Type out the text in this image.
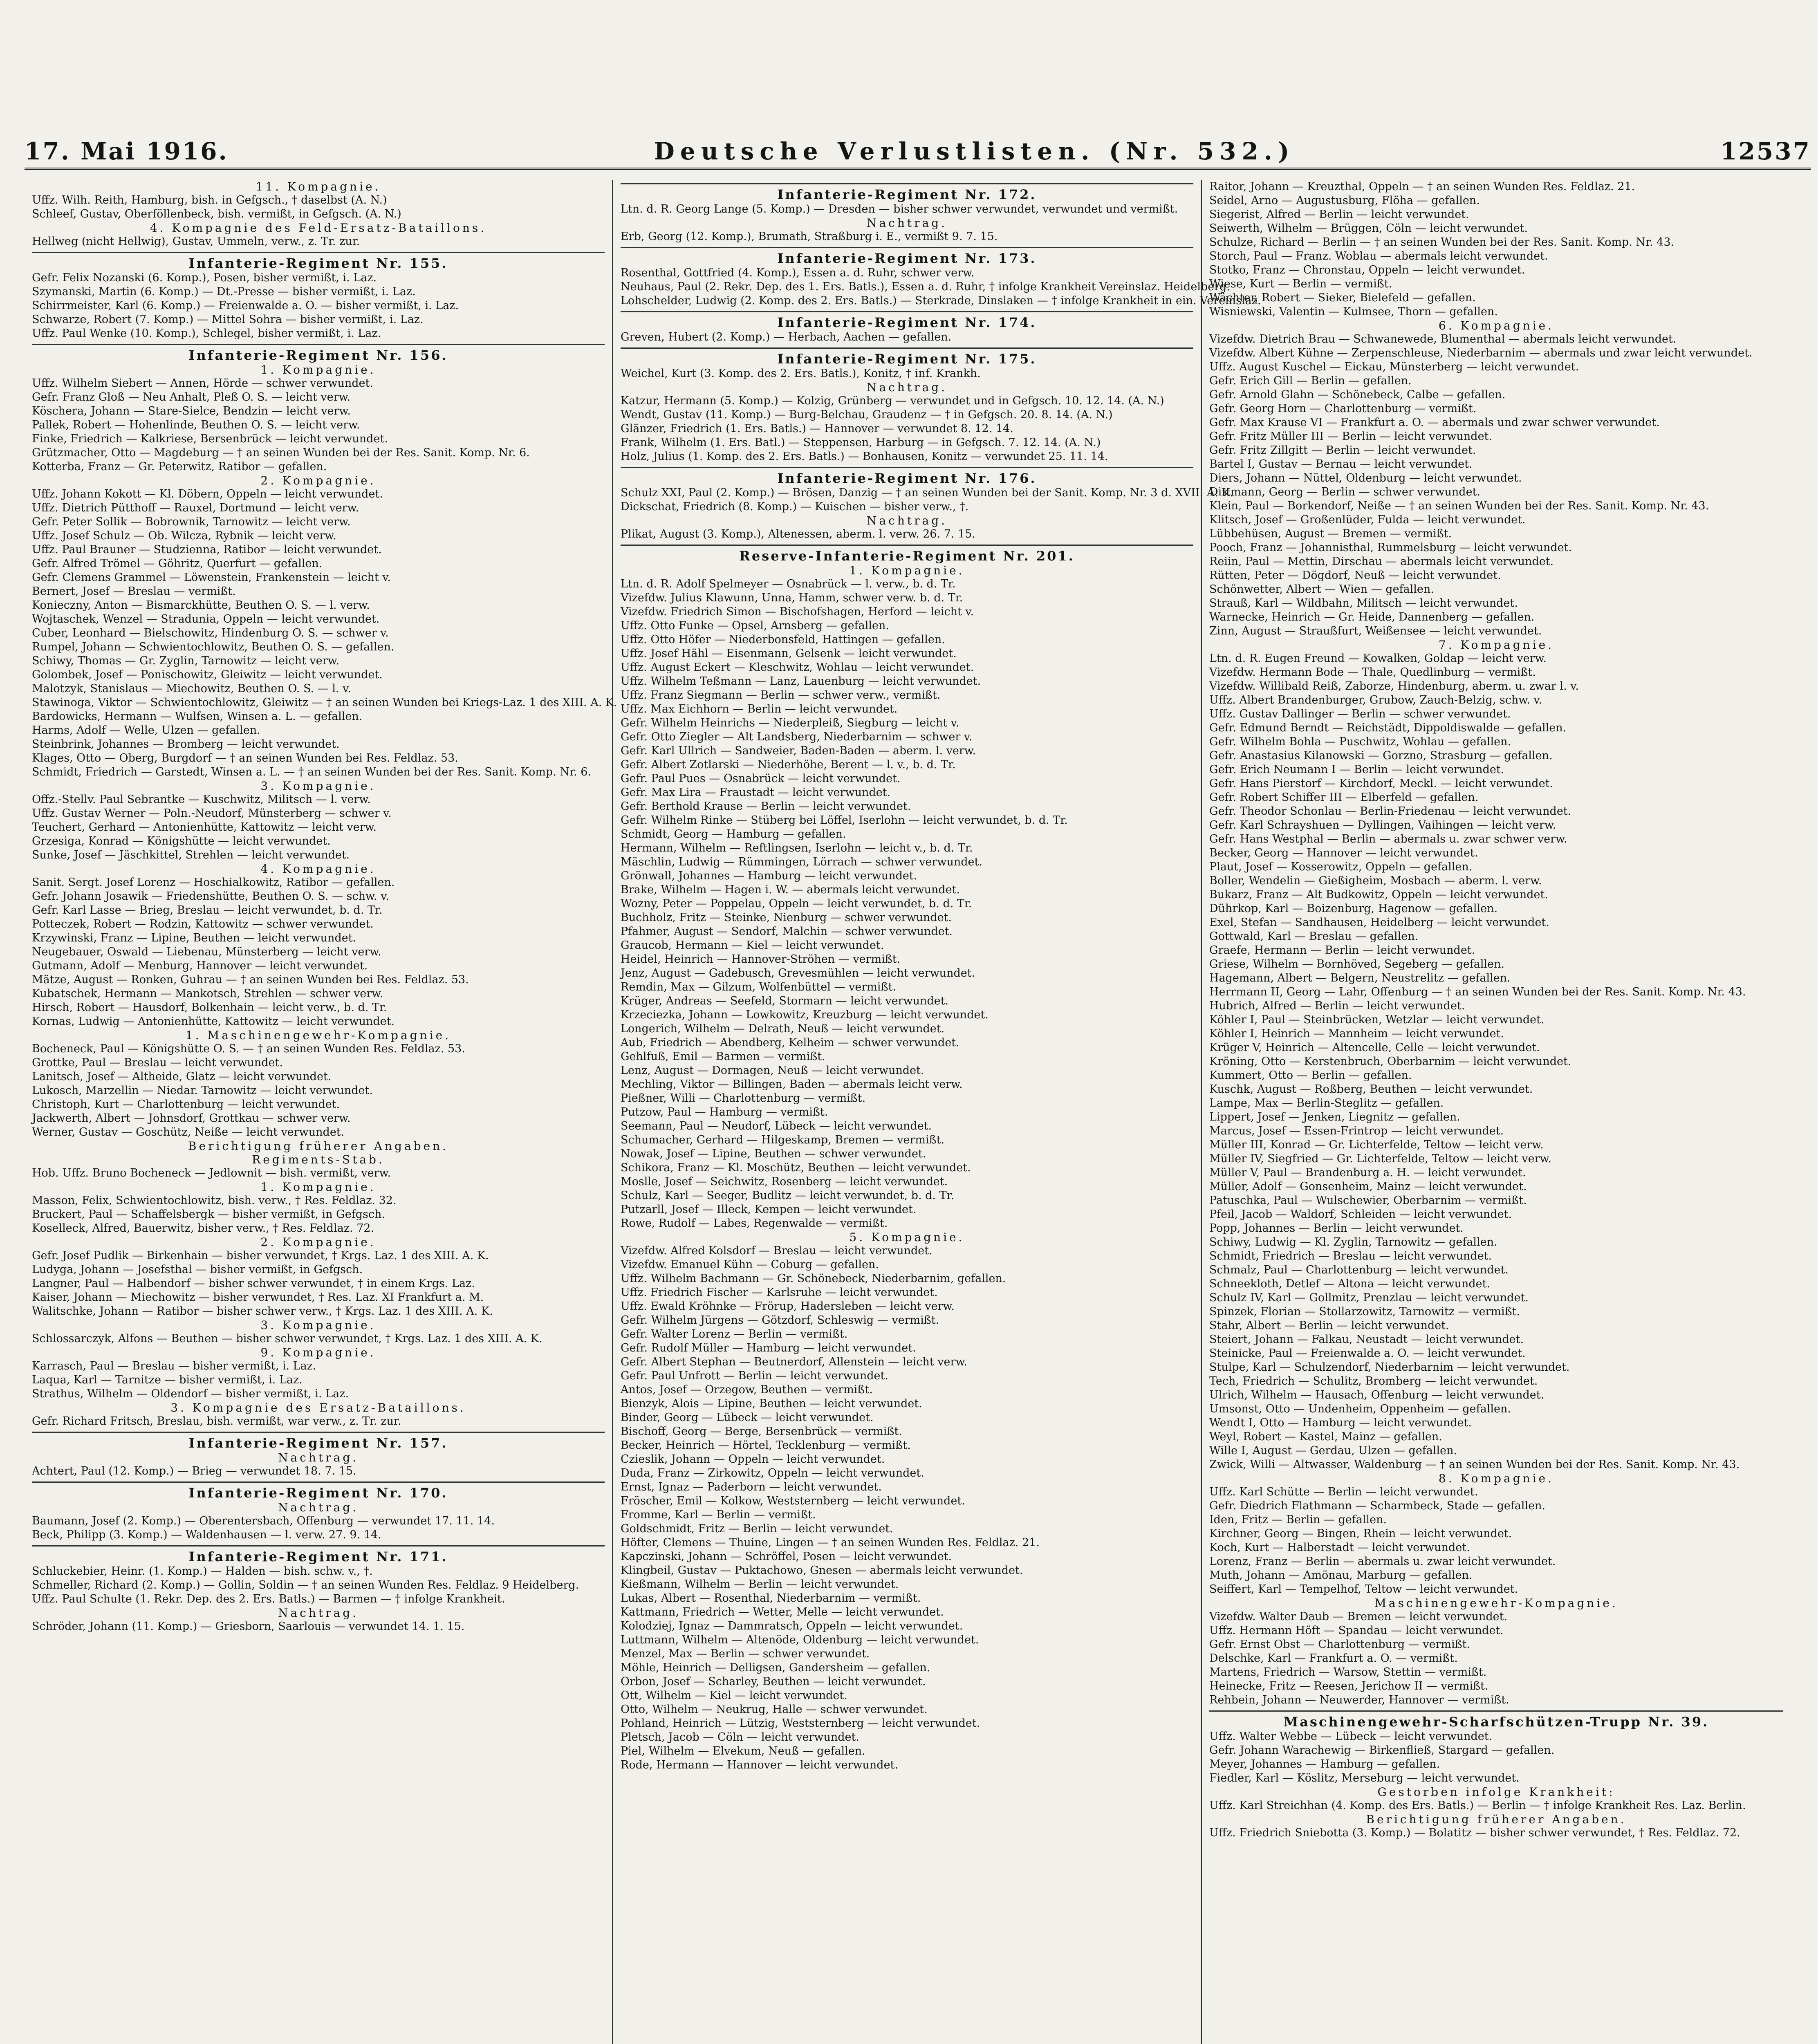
17. Mai 1916.	Deutsche Verlustlisten. (Nr. 532.)	12537
11. Kompagnie.
Uffz. Wilh. Reith, Hamburg, bish. in Gefgsch., † daselbst (A. N.)
Schleef, Gustav, Oberföllenbeck, bish. vermißt, in Gefgsch. (A. N.)
4. Kompagnie des Feld-Ersatz-Bataillons.
Hellweg (nicht Hellwig), Gustav, Ummeln, verw., z. Tr. zur.
Infanterie-Regiment Nr. 155.
Gefr. Felix Nozanski (6. Komp.), Posen, bisher vermißt, i. Laz.
Szymanski, Martin (6. Komp.) — Dt.-Presse — bisher vermißt, i. Laz.
Schirrmeister, Karl (6. Komp.) — Freienwalde a. O. — bisher vermißt, i. Laz.
Schwarze, Robert (7. Komp.) — Mittel Sohra — bisher vermißt, i. Laz.
Uffz. Paul Wenke (10. Komp.), Schlegel, bisher vermißt, i. Laz.
Infanterie-Regiment Nr. 156.
1. Kompagnie.
Uffz. Wilhelm Siebert — Annen, Hörde — schwer verwundet.
Gefr. Franz Gloß — Neu Anhalt, Pleß O. S. — leicht verw.
Köschera, Johann — Stare-Sielce, Bendzin — leicht verw.
Pallek, Robert — Hohenlinde, Beuthen O. S. — leicht verw.
Finke, Friedrich — Kalkriese, Bersenbrück — leicht verwundet.
Grützmacher, Otto — Magdeburg — † an seinen Wunden bei der Res. Sanit. Komp. Nr. 6.
Kotterba, Franz — Gr. Peterwitz, Ratibor — gefallen.
2. Kompagnie.
Uffz. Johann Kokott — Kl. Döbern, Oppeln — leicht verwundet.
Uffz. Dietrich Pütthoff — Rauxel, Dortmund — leicht verw.
Gefr. Peter Sollik — Bobrownik, Tarnowitz — leicht verw.
Uffz. Josef Schulz — Ob. Wilcza, Rybnik — leicht verw.
Uffz. Paul Brauner — Studzienna, Ratibor — leicht verwundet.
Gefr. Alfred Trömel — Göhritz, Querfurt — gefallen.
Gefr. Clemens Grammel — Löwenstein, Frankenstein — leicht v.
Bernert, Josef — Breslau — vermißt.
Konieczny, Anton — Bismarckhütte, Beuthen O. S. — l. verw.
Wojtaschek, Wenzel — Stradunia, Oppeln — leicht verwundet.
Cuber, Leonhard — Bielschowitz, Hindenburg O. S. — schwer v.
Rumpel, Johann — Schwientochlowitz, Beuthen O. S. — gefallen.
Schiwy, Thomas — Gr. Zyglin, Tarnowitz — leicht verw.
Golombek, Josef — Ponischowitz, Gleiwitz — leicht verwundet.
Malotzyk, Stanislaus — Miechowitz, Beuthen O. S. — l. v.
Stawinoga, Viktor — Schwientochlowitz, Gleiwitz — † an seinen Wunden bei Kriegs-Laz. 1 des XIII. A. K.
Bardowicks, Hermann — Wulfsen, Winsen a. L. — gefallen.
Harms, Adolf — Welle, Ulzen — gefallen.
Steinbrink, Johannes — Bromberg — leicht verwundet.
Klages, Otto — Oberg, Burgdorf — † an seinen Wunden bei Res. Feldlaz. 53.
Schmidt, Friedrich — Garstedt, Winsen a. L. — † an seinen Wunden bei der Res. Sanit. Komp. Nr. 6.
3. Kompagnie.
Offz.-Stellv. Paul Sebrantke — Kuschwitz, Militsch — l. verw.
Uffz. Gustav Werner — Poln.-Neudorf, Münsterberg — schwer v.
Teuchert, Gerhard — Antonienhütte, Kattowitz — leicht verw.
Grzesiga, Konrad — Königshütte — leicht verwundet.
Sunke, Josef — Jäschkittel, Strehlen — leicht verwundet.
4. Kompagnie.
Sanit. Sergt. Josef Lorenz — Hoschialkowitz, Ratibor — gefallen.
Gefr. Johann Josawik — Friedenshütte, Beuthen O. S. — schw. v.
Gefr. Karl Lasse — Brieg, Breslau — leicht verwundet, b. d. Tr.
Potteczek, Robert — Rodzin, Kattowitz — schwer verwundet.
Krzywinski, Franz — Lipine, Beuthen — leicht verwundet.
Neugebauer, Oswald — Liebenau, Münsterberg — leicht verw.
Gutmann, Adolf — Menburg, Hannover — leicht verwundet.
Mätze, August — Ronken, Guhrau — † an seinen Wunden bei Res. Feldlaz. 53.
Kubatschek, Hermann — Mankotsch, Strehlen — schwer verw.
Hirsch, Robert — Hausdorf, Bolkenhain — leicht verw., b. d. Tr.
Kornas, Ludwig — Antonienhütte, Kattowitz — leicht verwundet.
1. Maschinengewehr-Kompagnie.
Bocheneck, Paul — Königshütte O. S. — † an seinen Wunden Res. Feldlaz. 53.
Grottke, Paul — Breslau — leicht verwundet.
Lanitsch, Josef — Altheide, Glatz — leicht verwundet.
Lukosch, Marzellin — Niedar. Tarnowitz — leicht verwundet.
Christoph, Kurt — Charlottenburg — leicht verwundet.
Jackwerth, Albert — Johnsdorf, Grottkau — schwer verw.
Werner, Gustav — Goschütz, Neiße — leicht verwundet.
Berichtigung früherer Angaben.
Regiments-Stab.
Hob. Uffz. Bruno Bocheneck — Jedlownit — bish. vermißt, verw.
1. Kompagnie.
Masson, Felix, Schwientochlowitz, bish. verw., † Res. Feldlaz. 32.
Bruckert, Paul — Schaffelsbergk — bisher vermißt, in Gefgsch.
Koselleck, Alfred, Bauerwitz, bisher verw., † Res. Feldlaz. 72.
2. Kompagnie.
Gefr. Josef Pudlik — Birkenhain — bisher verwundet, † Krgs. Laz. 1 des XIII. A. K.
Ludyga, Johann — Josefsthal — bisher vermißt, in Gefgsch.
Langner, Paul — Halbendorf — bisher schwer verwundet, † in einem Krgs. Laz.
Kaiser, Johann — Miechowitz — bisher verwundet, † Res. Laz. XI Frankfurt a. M.
Walitschke, Johann — Ratibor — bisher schwer verw., † Krgs. Laz. 1 des XIII. A. K.
3. Kompagnie.
Schlossarczyk, Alfons — Beuthen — bisher schwer verwundet, † Krgs. Laz. 1 des XIII. A. K.
9. Kompagnie.
Karrasch, Paul — Breslau — bisher vermißt, i. Laz.
Laqua, Karl — Tarnitze — bisher vermißt, i. Laz.
Strathus, Wilhelm — Oldendorf — bisher vermißt, i. Laz.
3. Kompagnie des Ersatz-Bataillons.
Gefr. Richard Fritsch, Breslau, bish. vermißt, war verw., z. Tr. zur.
Infanterie-Regiment Nr. 157.
Nachtrag.
Achtert, Paul (12. Komp.) — Brieg — verwundet 18. 7. 15.
Infanterie-Regiment Nr. 170.
Nachtrag.
Baumann, Josef (2. Komp.) — Oberentersbach, Offenburg — verwundet 17. 11. 14.
Beck, Philipp (3. Komp.) — Waldenhausen — l. verw. 27. 9. 14.
Infanterie-Regiment Nr. 171.
Schluckebier, Heinr. (1. Komp.) — Halden — bish. schw. v., †.
Schmeller, Richard (2. Komp.) — Gollin, Soldin — † an seinen Wunden Res. Feldlaz. 9 Heidelberg.
Uffz. Paul Schulte (1. Rekr. Dep. des 2. Ers. Batls.) — Barmen — † infolge Krankheit.
Nachtrag.
Schröder, Johann (11. Komp.) — Griesborn, Saarlouis — verwundet 14. 1. 15.
Infanterie-Regiment Nr. 172.
Ltn. d. R. Georg Lange (5. Komp.) — Dresden — bisher schwer verwundet, verwundet und vermißt.
Nachtrag.
Erb, Georg (12. Komp.), Brumath, Straßburg i. E., vermißt 9. 7. 15.
Infanterie-Regiment Nr. 173.
Rosenthal, Gottfried (4. Komp.), Essen a. d. Ruhr, schwer verw.
Neuhaus, Paul (2. Rekr. Dep. des 1. Ers. Batls.), Essen a. d. Ruhr, † infolge Krankheit Vereinslaz. Heidelberg.
Lohschelder, Ludwig (2. Komp. des 2. Ers. Batls.) — Sterkrade, Dinslaken — † infolge Krankheit in ein. Vereinslaz.
Infanterie-Regiment Nr. 174.
Greven, Hubert (2. Komp.) — Herbach, Aachen — gefallen.
Infanterie-Regiment Nr. 175.
Weichel, Kurt (3. Komp. des 2. Ers. Batls.), Konitz, † inf. Krankh.
Nachtrag.
Katzur, Hermann (5. Komp.) — Kolzig, Grünberg — verwundet und in Gefgsch. 10. 12. 14. (A. N.)
Wendt, Gustav (11. Komp.) — Burg-Belchau, Graudenz — † in Gefgsch. 20. 8. 14. (A. N.)
Glänzer, Friedrich (1. Ers. Batls.) — Hannover — verwundet 8. 12. 14.
Frank, Wilhelm (1. Ers. Batl.) — Steppensen, Harburg — in Gefgsch. 7. 12. 14. (A. N.)
Holz, Julius (1. Komp. des 2. Ers. Batls.) — Bonhausen, Konitz — verwundet 25. 11. 14.
Infanterie-Regiment Nr. 176.
Schulz XXI, Paul (2. Komp.) — Brösen, Danzig — † an seinen Wunden bei der Sanit. Komp. Nr. 3 d. XVII. A. K.
Dickschat, Friedrich (8. Komp.) — Kuischen — bisher verw., †.
Nachtrag.
Plikat, August (3. Komp.), Altenessen, aberm. l. verw. 26. 7. 15.
Reserve-Infanterie-Regiment Nr. 201.
1. Kompagnie.
Ltn. d. R. Adolf Spelmeyer — Osnabrück — l. verw., b. d. Tr.
Vizefdw. Julius Klawunn, Unna, Hamm, schwer verw. b. d. Tr.
Vizefdw. Friedrich Simon — Bischofshagen, Herford — leicht v.
Uffz. Otto Funke — Opsel, Arnsberg — gefallen.
Uffz. Otto Höfer — Niederbonsfeld, Hattingen — gefallen.
Uffz. Josef Hähl — Eisenmann, Gelsenk — leicht verwundet.
Uffz. August Eckert — Kleschwitz, Wohlau — leicht verwundet.
Uffz. Wilhelm Teßmann — Lanz, Lauenburg — leicht verwundet.
Uffz. Franz Siegmann — Berlin — schwer verw., vermißt.
Uffz. Max Eichhorn — Berlin — leicht verwundet.
Gefr. Wilhelm Heinrichs — Niederpleiß, Siegburg — leicht v.
Gefr. Otto Ziegler — Alt Landsberg, Niederbarnim — schwer v.
Gefr. Karl Ullrich — Sandweier, Baden-Baden — aberm. l. verw.
Gefr. Albert Zotlarski — Niederhöhe, Berent — l. v., b. d. Tr.
Gefr. Paul Pues — Osnabrück — leicht verwundet.
Gefr. Max Lira — Fraustadt — leicht verwundet.
Gefr. Berthold Krause — Berlin — leicht verwundet.
Gefr. Wilhelm Rinke — Stüberg bei Löffel, Iserlohn — leicht verwundet, b. d. Tr.
Schmidt, Georg — Hamburg — gefallen.
Hermann, Wilhelm — Reftlingsen, Iserlohn — leicht v., b. d. Tr.
Mäschlin, Ludwig — Rümmingen, Lörrach — schwer verwundet.
Grönwall, Johannes — Hamburg — leicht verwundet.
Brake, Wilhelm — Hagen i. W. — abermals leicht verwundet.
Wozny, Peter — Poppelau, Oppeln — leicht verwundet, b. d. Tr.
Buchholz, Fritz — Steinke, Nienburg — schwer verwundet.
Pfahmer, August — Sendorf, Malchin — schwer verwundet.
Graucob, Hermann — Kiel — leicht verwundet.
Heidel, Heinrich — Hannover-Ströhen — vermißt.
Jenz, August — Gadebusch, Grevesmühlen — leicht verwundet.
Remdin, Max — Gilzum, Wolfenbüttel — vermißt.
Krüger, Andreas — Seefeld, Stormarn — leicht verwundet.
Krzeciezka, Johann — Lowkowitz, Kreuzburg — leicht verwundet.
Longerich, Wilhelm — Delrath, Neuß — leicht verwundet.
Aub, Friedrich — Abendberg, Kelheim — schwer verwundet.
Gehlfuß, Emil — Barmen — vermißt.
Lenz, August — Dormagen, Neuß — leicht verwundet.
Mechling, Viktor — Billingen, Baden — abermals leicht verw.
Pießner, Willi — Charlottenburg — vermißt.
Putzow, Paul — Hamburg — vermißt.
Seemann, Paul — Neudorf, Lübeck — leicht verwundet.
Schumacher, Gerhard — Hilgeskamp, Bremen — vermißt.
Nowak, Josef — Lipine, Beuthen — schwer verwundet.
Schikora, Franz — Kl. Moschütz, Beuthen — leicht verwundet.
Moslle, Josef — Seichwitz, Rosenberg — leicht verwundet.
Schulz, Karl — Seeger, Budlitz — leicht verwundet, b. d. Tr.
Putzarll, Josef — Illeck, Kempen — leicht verwundet.
Rowe, Rudolf — Labes, Regenwalde — vermißt.
5. Kompagnie.
Vizefdw. Alfred Kolsdorf — Breslau — leicht verwundet.
Vizefdw. Emanuel Kühn — Coburg — gefallen.
Uffz. Wilhelm Bachmann — Gr. Schönebeck, Niederbarnim, gefallen.
Uffz. Friedrich Fischer — Karlsruhe — leicht verwundet.
Uffz. Ewald Kröhnke — Frörup, Hadersleben — leicht verw.
Gefr. Wilhelm Jürgens — Götzdorf, Schleswig — vermißt.
Gefr. Walter Lorenz — Berlin — vermißt.
Gefr. Rudolf Müller — Hamburg — leicht verwundet.
Gefr. Albert Stephan — Beutnerdorf, Allenstein — leicht verw.
Gefr. Paul Unfrott — Berlin — leicht verwundet.
Antos, Josef — Orzegow, Beuthen — vermißt.
Bienzyk, Alois — Lipine, Beuthen — leicht verwundet.
Binder, Georg — Lübeck — leicht verwundet.
Bischoff, Georg — Berge, Bersenbrück — vermißt.
Becker, Heinrich — Hörtel, Tecklenburg — vermißt.
Czieslik, Johann — Oppeln — leicht verwundet.
Duda, Franz — Zirkowitz, Oppeln — leicht verwundet.
Ernst, Ignaz — Paderborn — leicht verwundet.
Fröscher, Emil — Kolkow, Weststernberg — leicht verwundet.
Fromme, Karl — Berlin — vermißt.
Goldschmidt, Fritz — Berlin — leicht verwundet.
Höfter, Clemens — Thuine, Lingen — † an seinen Wunden Res. Feldlaz. 21.
Kapczinski, Johann — Schröffel, Posen — leicht verwundet.
Klingbeil, Gustav — Puktachowo, Gnesen — abermals leicht verwundet.
Kießmann, Wilhelm — Berlin — leicht verwundet.
Lukas, Albert — Rosenthal, Niederbarnim — vermißt.
Kattmann, Friedrich — Wetter, Melle — leicht verwundet.
Kolodziej, Ignaz — Dammratsch, Oppeln — leicht verwundet.
Luttmann, Wilhelm — Altenöde, Oldenburg — leicht verwundet.
Menzel, Max — Berlin — schwer verwundet.
Möhle, Heinrich — Delligsen, Gandersheim — gefallen.
Orbon, Josef — Scharley, Beuthen — leicht verwundet.
Ott, Wilhelm — Kiel — leicht verwundet.
Otto, Wilhelm — Neukrug, Halle — schwer verwundet.
Pohland, Heinrich — Lützig, Weststernberg — leicht verwundet.
Pletsch, Jacob — Cöln — leicht verwundet.
Piel, Wilhelm — Elvekum, Neuß — gefallen.
Rode, Hermann — Hannover — leicht verwundet.
Raitor, Johann — Kreuzthal, Oppeln — † an seinen Wunden Res. Feldlaz. 21.
Seidel, Arno — Augustusburg, Flöha — gefallen.
Siegerist, Alfred — Berlin — leicht verwundet.
Seiwerth, Wilhelm — Brüggen, Cöln — leicht verwundet.
Schulze, Richard — Berlin — † an seinen Wunden bei der Res. Sanit. Komp. Nr. 43.
Storch, Paul — Franz. Woblau — abermals leicht verwundet.
Stotko, Franz — Chronstau, Oppeln — leicht verwundet.
Wiese, Kurt — Berlin — vermißt.
Wächter, Robert — Sieker, Bielefeld — gefallen.
Wisniewski, Valentin — Kulmsee, Thorn — gefallen.
6. Kompagnie.
Vizefdw. Dietrich Brau — Schwanewede, Blumenthal — abermals leicht verwundet.
Vizefdw. Albert Kühne — Zerpenschleuse, Niederbarnim — abermals und zwar leicht verwundet.
Uffz. August Kuschel — Eickau, Münsterberg — leicht verwundet.
Gefr. Erich Gill — Berlin — gefallen.
Gefr. Arnold Glahn — Schönebeck, Calbe — gefallen.
Gefr. Georg Horn — Charlottenburg — vermißt.
Gefr. Max Krause VI — Frankfurt a. O. — abermals und zwar schwer verwundet.
Gefr. Fritz Müller III — Berlin — leicht verwundet.
Gefr. Fritz Zillgitt — Berlin — leicht verwundet.
Bartel I, Gustav — Bernau — leicht verwundet.
Diers, Johann — Nüttel, Oldenburg — leicht verwundet.
Dittmann, Georg — Berlin — schwer verwundet.
Klein, Paul — Borkendorf, Neiße — † an seinen Wunden bei der Res. Sanit. Komp. Nr. 43.
Klitsch, Josef — Großenlüder, Fulda — leicht verwundet.
Lübbehüsen, August — Bremen — vermißt.
Pooch, Franz — Johannisthal, Rummelsburg — leicht verwundet.
Reiin, Paul — Mettin, Dirschau — abermals leicht verwundet.
Rütten, Peter — Dögdorf, Neuß — leicht verwundet.
Schönwetter, Albert — Wien — gefallen.
Strauß, Karl — Wildbahn, Militsch — leicht verwundet.
Warnecke, Heinrich — Gr. Heide, Dannenberg — gefallen.
Zinn, August — Straußfurt, Weißensee — leicht verwundet.
7. Kompagnie.
Ltn. d. R. Eugen Freund — Kowalken, Goldap — leicht verw.
Vizefdw. Hermann Bode — Thale, Quedlinburg — vermißt.
Vizefdw. Willibald Reiß, Zaborze, Hindenburg, aberm. u. zwar l. v.
Uffz. Albert Brandenburger, Grubow, Zauch-Belzig, schw. v.
Uffz. Gustav Dallinger — Berlin — schwer verwundet.
Gefr. Edmund Berndt — Reichstädt, Dippoldiswalde — gefallen.
Gefr. Wilhelm Bohla — Puschwitz, Wohlau — gefallen.
Gefr. Anastasius Kilanowski — Gorzno, Strasburg — gefallen.
Gefr. Erich Neumann I — Berlin — leicht verwundet.
Gefr. Hans Pierstorf — Kirchdorf, Meckl. — leicht verwundet.
Gefr. Robert Schiffer III — Elberfeld — gefallen.
Gefr. Theodor Schonlau — Berlin-Friedenau — leicht verwundet.
Gefr. Karl Schrayshuen — Dyllingen, Vaihingen — leicht verw.
Gefr. Hans Westphal — Berlin — abermals u. zwar schwer verw.
Becker, Georg — Hannover — leicht verwundet.
Plaut, Josef — Kosserowitz, Oppeln — gefallen.
Boller, Wendelin — Gießigheim, Mosbach — aberm. l. verw.
Bukarz, Franz — Alt Budkowitz, Oppeln — leicht verwundet.
Dührkop, Karl — Boizenburg, Hagenow — gefallen.
Exel, Stefan — Sandhausen, Heidelberg — leicht verwundet.
Gottwald, Karl — Breslau — gefallen.
Graefe, Hermann — Berlin — leicht verwundet.
Griese, Wilhelm — Bornhöved, Segeberg — gefallen.
Hagemann, Albert — Belgern, Neustrelitz — gefallen.
Herrmann II, Georg — Lahr, Offenburg — † an seinen Wunden bei der Res. Sanit. Komp. Nr. 43.
Hubrich, Alfred — Berlin — leicht verwundet.
Köhler I, Paul — Steinbrücken, Wetzlar — leicht verwundet.
Köhler I, Heinrich — Mannheim — leicht verwundet.
Krüger V, Heinrich — Altencelle, Celle — leicht verwundet.
Kröning, Otto — Kerstenbruch, Oberbarnim — leicht verwundet.
Kummert, Otto — Berlin — gefallen.
Kuschk, August — Roßberg, Beuthen — leicht verwundet.
Lampe, Max — Berlin-Steglitz — gefallen.
Lippert, Josef — Jenken, Liegnitz — gefallen.
Marcus, Josef — Essen-Frintrop — leicht verwundet.
Müller III, Konrad — Gr. Lichterfelde, Teltow — leicht verw.
Müller IV, Siegfried — Gr. Lichterfelde, Teltow — leicht verw.
Müller V, Paul — Brandenburg a. H. — leicht verwundet.
Müller, Adolf — Gonsenheim, Mainz — leicht verwundet.
Patuschka, Paul — Wulschewier, Oberbarnim — vermißt.
Pfeil, Jacob — Waldorf, Schleiden — leicht verwundet.
Popp, Johannes — Berlin — leicht verwundet.
Schiwy, Ludwig — Kl. Zyglin, Tarnowitz — gefallen.
Schmidt, Friedrich — Breslau — leicht verwundet.
Schmalz, Paul — Charlottenburg — leicht verwundet.
Schneekloth, Detlef — Altona — leicht verwundet.
Schulz IV, Karl — Gollmitz, Prenzlau — leicht verwundet.
Spinzek, Florian — Stollarzowitz, Tarnowitz — vermißt.
Stahr, Albert — Berlin — leicht verwundet.
Steiert, Johann — Falkau, Neustadt — leicht verwundet.
Steinicke, Paul — Freienwalde a. O. — leicht verwundet.
Stulpe, Karl — Schulzendorf, Niederbarnim — leicht verwundet.
Tech, Friedrich — Schulitz, Bromberg — leicht verwundet.
Ulrich, Wilhelm — Hausach, Offenburg — leicht verwundet.
Umsonst, Otto — Undenheim, Oppenheim — gefallen.
Wendt I, Otto — Hamburg — leicht verwundet.
Weyl, Robert — Kastel, Mainz — gefallen.
Wille I, August — Gerdau, Ulzen — gefallen.
Zwick, Willi — Altwasser, Waldenburg — † an seinen Wunden bei der Res. Sanit. Komp. Nr. 43.
8. Kompagnie.
Uffz. Karl Schütte — Berlin — leicht verwundet.
Gefr. Diedrich Flathmann — Scharmbeck, Stade — gefallen.
Iden, Fritz — Berlin — gefallen.
Kirchner, Georg — Bingen, Rhein — leicht verwundet.
Koch, Kurt — Halberstadt — leicht verwundet.
Lorenz, Franz — Berlin — abermals u. zwar leicht verwundet.
Muth, Johann — Amönau, Marburg — gefallen.
Seiffert, Karl — Tempelhof, Teltow — leicht verwundet.
Maschinengewehr-Kompagnie.
Vizefdw. Walter Daub — Bremen — leicht verwundet.
Uffz. Hermann Höft — Spandau — leicht verwundet.
Gefr. Ernst Obst — Charlottenburg — vermißt.
Delschke, Karl — Frankfurt a. O. — vermißt.
Martens, Friedrich — Warsow, Stettin — vermißt.
Heinecke, Fritz — Reesen, Jerichow II — vermißt.
Rehbein, Johann — Neuwerder, Hannover — vermißt.
Maschinengewehr-Scharfschützen-Trupp Nr. 39.
Uffz. Walter Webbe — Lübeck — leicht verwundet.
Gefr. Johann Warachewig — Birkenfließ, Stargard — gefallen.
Meyer, Johannes — Hamburg — gefallen.
Fiedler, Karl — Köslitz, Merseburg — leicht verwundet.
Gestorben infolge Krankheit:
Uffz. Karl Streichhan (4. Komp. des Ers. Batls.) — Berlin — † infolge Krankheit Res. Laz. Berlin.
Berichtigung früherer Angaben.
Uffz. Friedrich Sniebotta (3. Komp.) — Bolatitz — bisher schwer verwundet, † Res. Feldlaz. 72.
